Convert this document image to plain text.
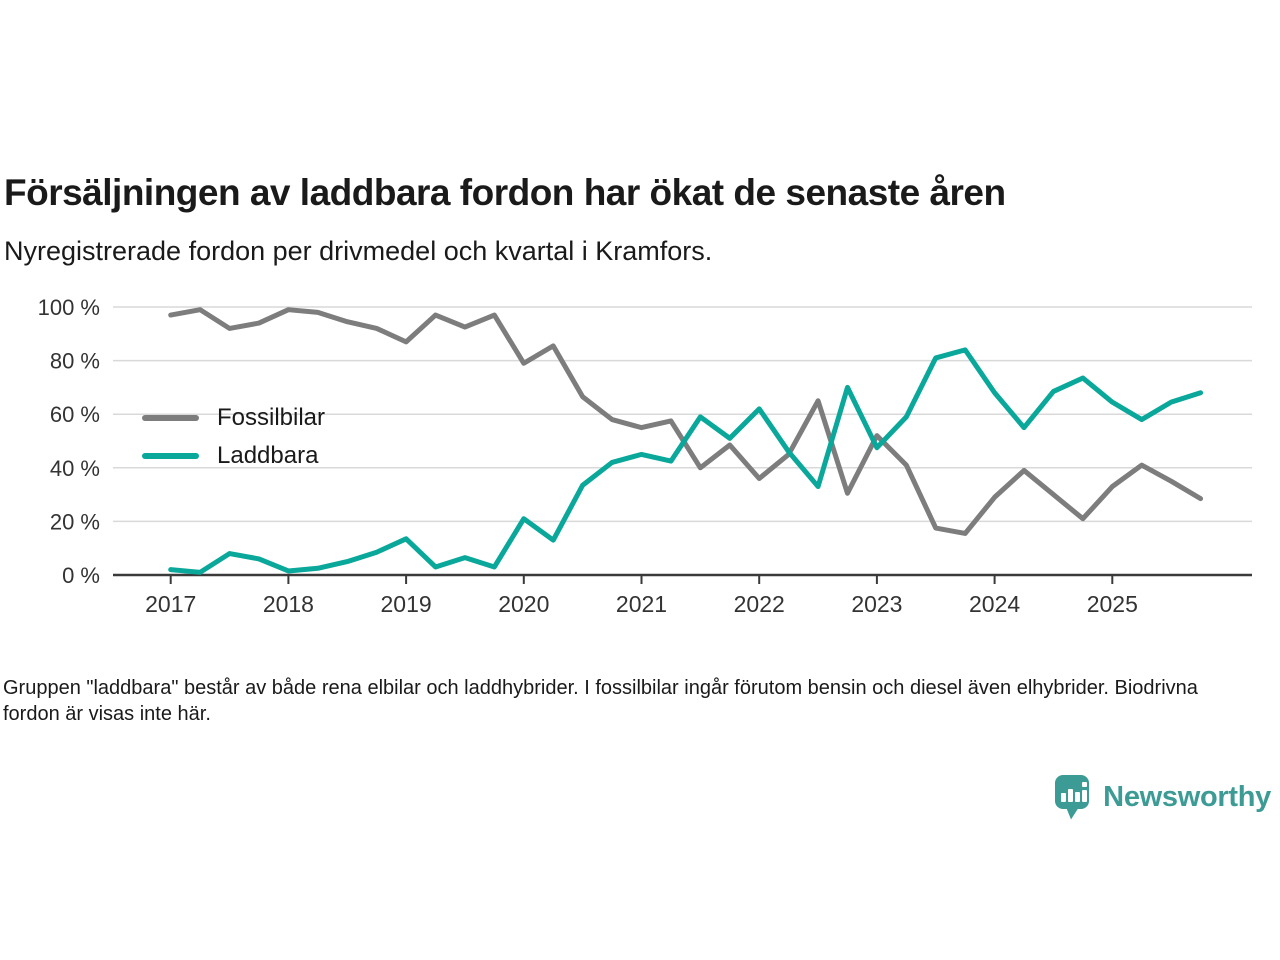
Försäljningen av laddbara fordon har ökat de senaste åren
Nyregistrerade fordon per drivmedel och kvartal i Kramfors.
100 %
80 %
60 %
40 %
20 %
0 %
2017	2018	2019	2020	2021	2022	2023	2024	2025
Fossilbilar
Laddbara
Gruppen "laddbara" består av både rena elbilar och laddhybrider. I fossilbilar ingår förutom bensin och diesel även elhybrider. Biodrivna fordon är visas inte här.
Newsworthy
